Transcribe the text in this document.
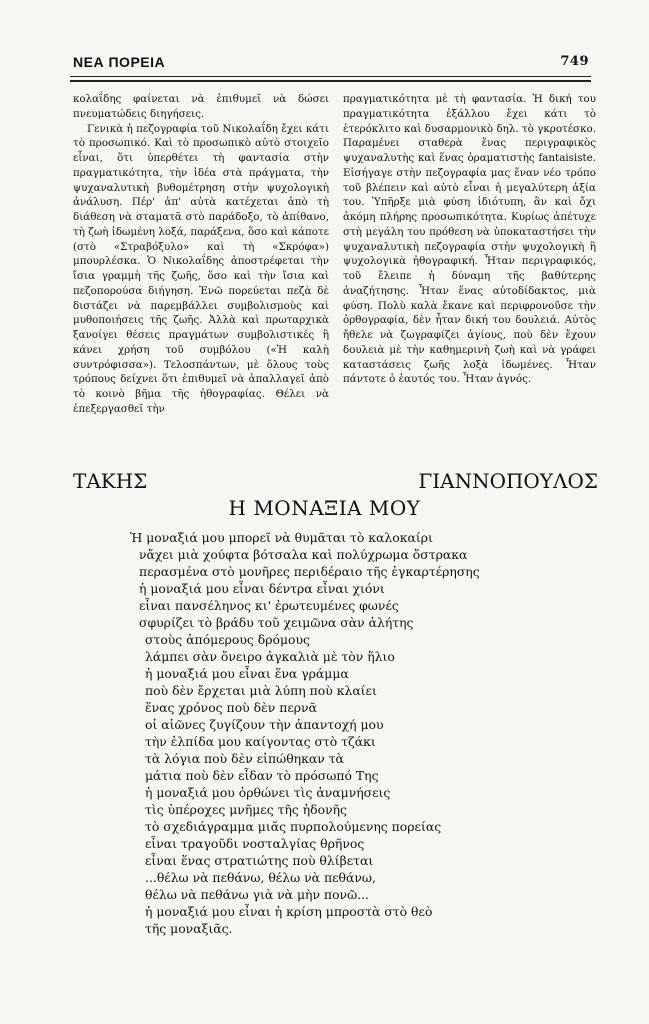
ΝΕΑ ΠΟΡΕΙΑ	749

κολαΐδης φαίνεται νὰ ἐπιθυμεῖ νὰ δώσει πνευματώδεις διηγήσεις.

Γενικὰ ἡ πεζογραφία τοῦ Νικολαΐδη ἔχει κάτι τὸ προσωπικό. Καὶ τὸ προσωπικὸ αὐτὸ στοιχεῖο εἶναι, ὅτι ὑπερθέτει τὴ φαντασία στὴν πραγματικότητα, τὴν ἰδέα στὰ πράγματα, τὴν ψυχαναλυτικὴ βυθομέτρηση στὴν ψυχολογικὴ ἀνάλυση. Πέρ' ἀπ' αὐτὰ κατέχεται ἀπὸ τὴ διάθεση νὰ σταματᾶ στὸ παράδοξο, τὸ ἀπίθανο, τὴ ζωὴ ἰδωμένη λοξά, παράξενα, ὅσο καὶ κάποτε (στὸ «Στραβόξυλο» καὶ τὴ «Σκρόφα») μπουρλέσκα. Ὁ Νικολαΐδης ἀποστρέφεται τὴν ἴσια γραμμὴ τῆς ζωῆς, ὅσο καὶ τὴν ἴσια καὶ πεζοπορούσα διήγηση. Ἐνῶ πορεύεται πεζὰ δὲ διστάζει νὰ παρεμβάλλει συμβολισμοὺς καὶ μυθοποιήσεις τῆς ζωῆς. Ἀλλὰ καὶ πρωταρχικὰ ξανοίγει θέσεις πραγμάτων συμβολιστικές ἢ κάνει χρήση τοῦ συμβόλου («Ἡ καλὴ συντρόφισσα»). Τελοσπάντων, μὲ ὅλους τοὺς τρόπους δείχνει ὅτι ἐπιθυμεῖ νὰ ἀπαλλαγεῖ ἀπὸ τὸ κοινὸ βῆμα τῆς ἠθογραφίας. Θέλει νὰ ἐπεξεργασθεῖ τὴν

πραγματικότητα μὲ τὴ φαντασία. Ἡ δική του πραγματικότητα ἐξάλλου ἔχει κάτι τὸ ἑτερόκλιτο καὶ δυσαρμονικὸ δηλ. τὸ γκροτέσκο. Παραμένει σταθερὰ ἕνας περιγραφικὸς ψυχαναλυτὴς καὶ ἕνας ὀραματιστὴς fantaisiste. Εἰσήγαγε στὴν πεζογραφία μας ἕναν νέο τρόπο τοῦ βλέπειν καὶ αὐτὸ εἶναι ἡ μεγαλύτερη ἀξία του. Ὑπῆρξε μιὰ φύση ἰδιότυπη, ἂν καὶ ὄχι ἀκόμη πλήρης προσωπικότητα. Κυρίως ἀπέτυχε στὴ μεγάλη του πρόθεση νὰ ὑποκαταστήσει τὴν ψυχαναλυτικὴ πεζογραφία στὴν ψυχολογικὴ ἢ ψυχολογικὰ ἠθογραφική. Ἦταν περιγραφικός, τοῦ ἔλειπε ἡ δύναμη τῆς βαθύτερης ἀναζήτησης. Ἦταν ἕνας αὐτοδίδακτος, μιὰ φύση. Πολὺ καλὰ ἔκανε καὶ περιφρονοῦσε τὴν ὀρθογραφία, δὲν ἦταν δική του δουλειά. Αὐτὸς ἤθελε νὰ ζωγραφίζει ἁγίους, ποὺ δὲν ἔχουν δουλειὰ μὲ τὴν καθημερινὴ ζωὴ καὶ νὰ γράφει καταστάσεις ζωῆς λοξὰ ἰδωμένες. Ἦταν πάντοτε ὁ ἑαυτός του. Ἦταν ἁγνός.

ΤΑΚΗΣ ΓΙΑΝΝΟΠΟΥΛΟΣ
Η ΜΟΝΑΞΙΑ ΜΟΥ
Ἡ μοναξιά μου μπορεῖ νὰ θυμᾶται τὸ καλοκαίρι
νἄχει μιὰ χούφτα βότσαλα καὶ πολύχρωμα ὄστρακα
περασμένα στὸ μονῆρες περιδέραιο τῆς ἐγκαρτέρησης
ἡ μοναξιά μου εἶναι δέντρα εἶναι χιόνι
εἶναι πανσέληνος κι' ἐρωτευμένες φωνές
σφυρίζει τὸ βράδυ τοῦ χειμῶνα σὰν ἀλήτης
στοὺς ἀπόμερους δρόμους
λάμπει σὰν ὄνειρο ἀγκαλιὰ μὲ τὸν ἥλιο
ἡ μοναξιά μου εἶναι ἕνα γράμμα
ποὺ δὲν ἔρχεται μιὰ λύπη ποὺ κλαίει
ἕνας χρόνος ποὺ δὲν περνᾶ
οἱ αἰῶνες ζυγίζουν τὴν ἀπαντοχή μου
τὴν ἐλπίδα μου καίγοντας στὸ τζάκι
τὰ λόγια ποὺ δὲν εἰπώθηκαν τὰ
μάτια ποὺ δὲν εἶδαν τὸ πρόσωπό Της
ἡ μοναξιά μου ὀρθώνει τὶς ἀναμνήσεις
τὶς ὑπέροχες μνῆμες τῆς ἡδονῆς
τὸ σχεδιάγραμμα μιᾶς πυρπολούμενης πορείας
εἶναι τραγοῦδι νοσταλγίας θρῆνος
εἶναι ἕνας στρατιώτης ποὺ θλίβεται
...θέλω νὰ πεθάνω, θέλω νὰ πεθάνω,
θέλω νὰ πεθάνω γιὰ νὰ μὴν πονῶ...
ἡ μοναξιά μου εἶναι ἡ κρίση μπροστὰ στὸ θεὸ
τῆς μοναξιᾶς.
